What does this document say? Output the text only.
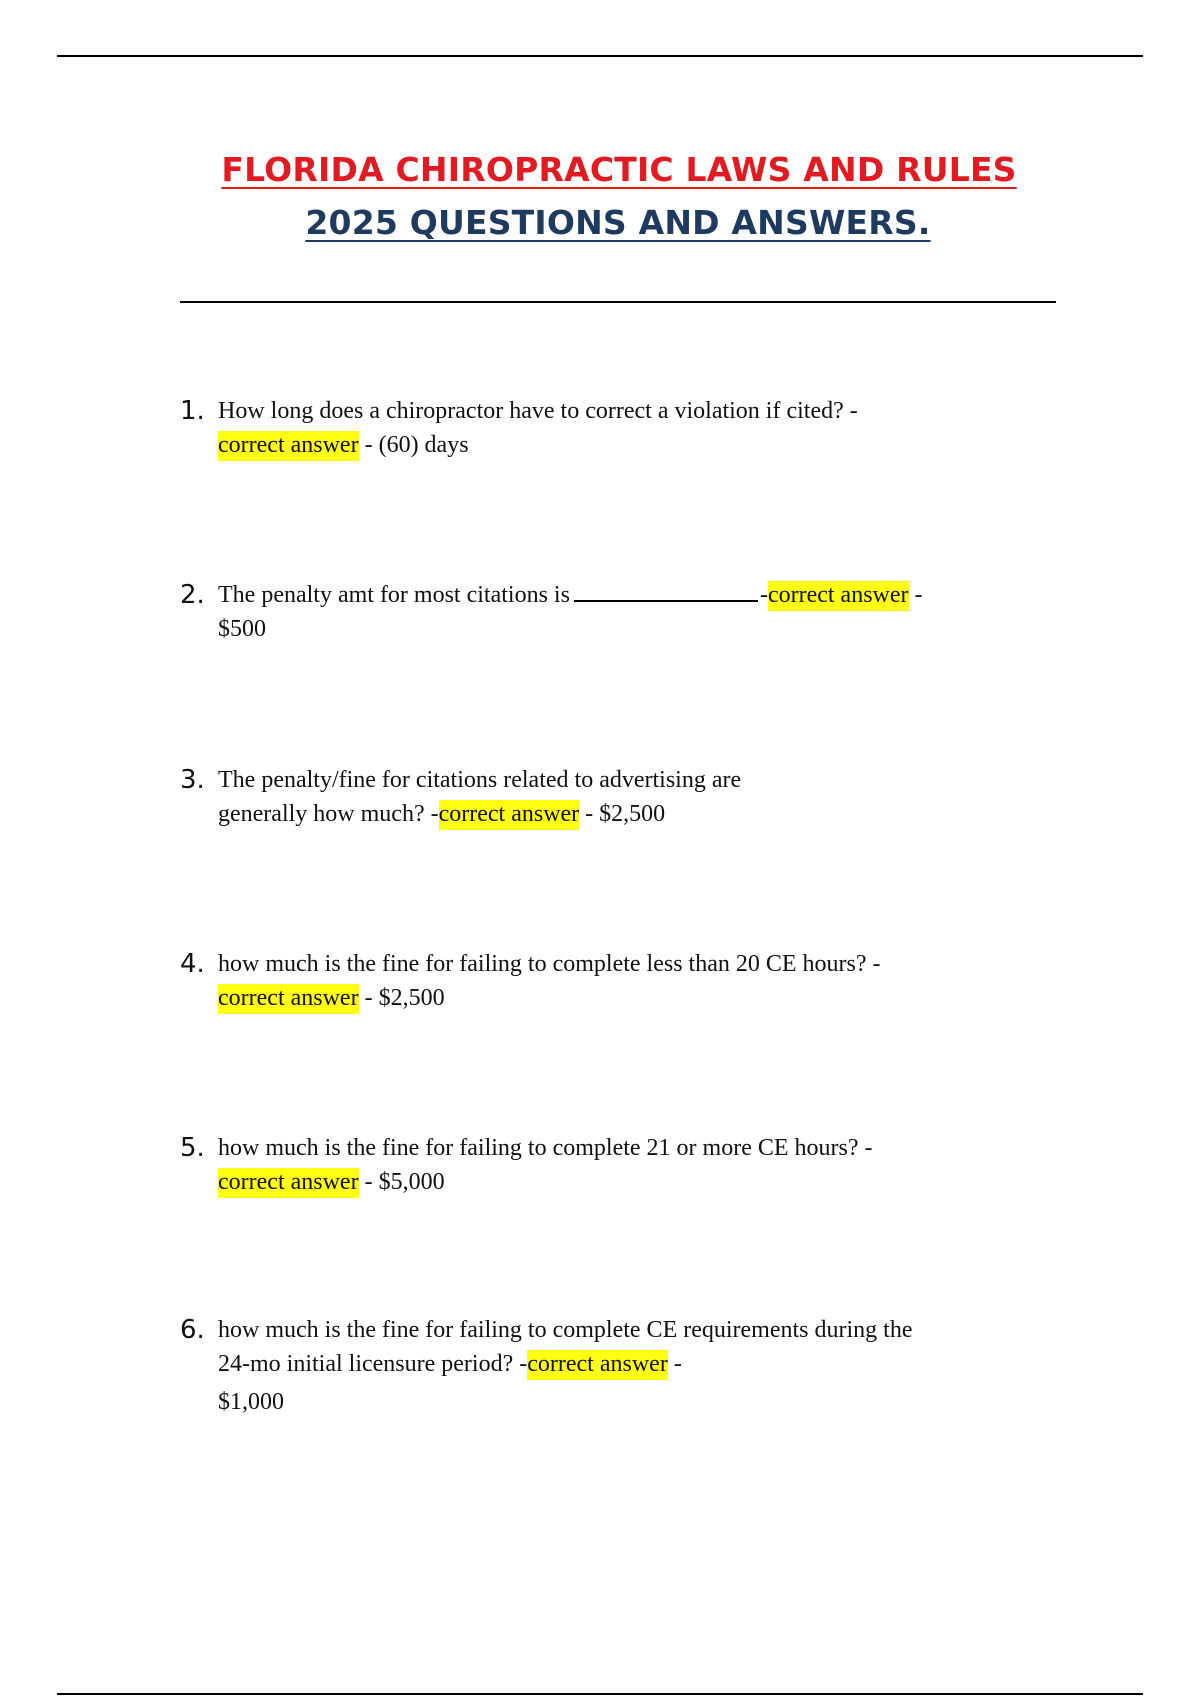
FLORIDA CHIROPRACTIC LAWS AND RULES
2025 QUESTIONS AND ANSWERS.
1. How long does a chiropractor have to correct a violation if cited? -
correct answer - (60) days
2. The penalty amt for most citations is	-correct answer -
$500
3. The penalty/fine for citations related to advertising are
generally how much? -correct answer - $2,500
4. how much is the fine for failing to complete less than 20 CE hours? -
correct answer - $2,500
5. how much is the fine for failing to complete 21 or more CE hours? -
correct answer - $5,000
6. how much is the fine for failing to complete CE requirements during the
24-mo initial licensure period? -correct answer -
$1,000
